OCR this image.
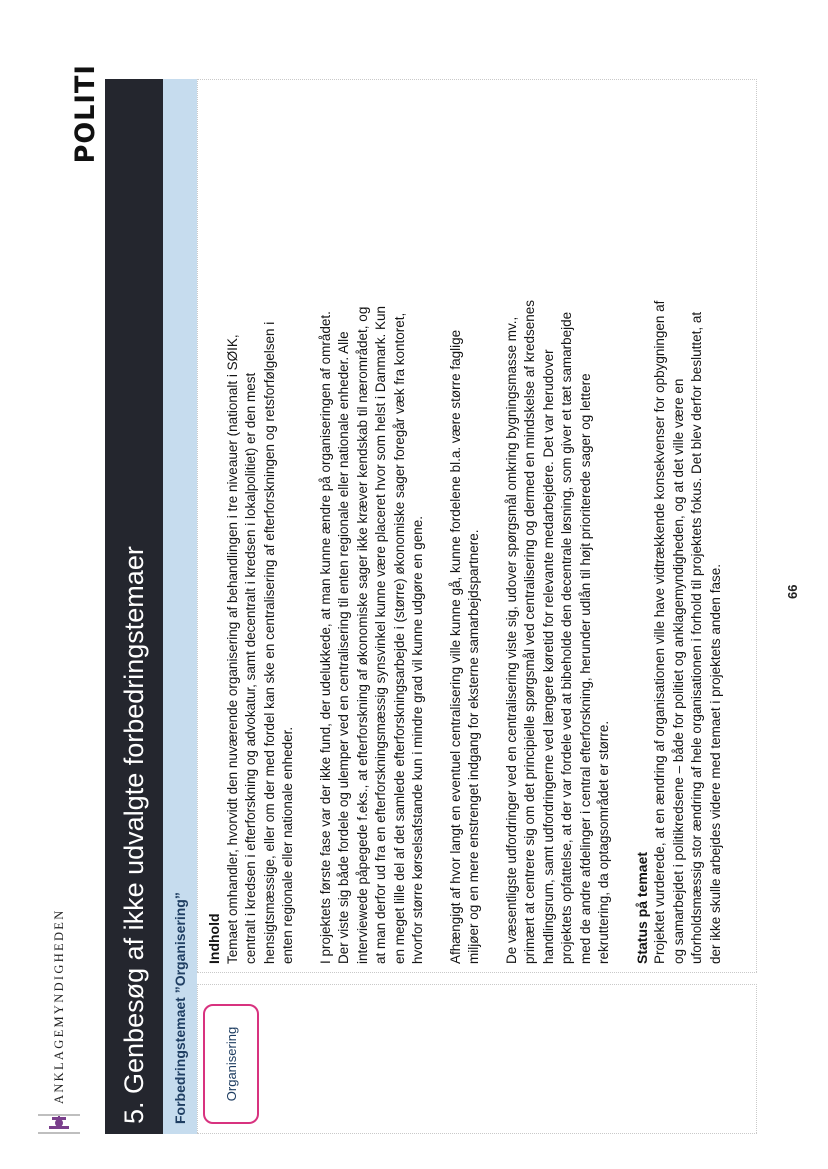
ANKLAGEMYNDIGHEDEN
POLITI
5. Genbesøg af ikke udvalgte forbedringstemaer	Forbedringstemaet ”Organisering”	Organisering
Indhold Temaet omhandler, hvorvidt den nuværende organisering af behandlingen i tre niveauer (nationalt i SØIK, centralt i kredsen i efterforskning og advokatur, samt decentralt i kredsen i lokalpolitiet) er den mest hensigtsmæssige, eller om der med fordel kan ske en centralisering af efterforskningen og retsforfølgelsen i enten regionale eller nationale enheder. I projektets første fase var der ikke fund, der udelukkede, at man kunne ændre på organiseringen af området. Der viste sig både fordele og ulemper ved en centralisering til enten regionale eller nationale enheder. Alle interviewede påpegede f.eks., at efterforskning af økonomiske sager ikke kræver kendskab til nærområdet, og at man derfor ud fra en efterforskningsmæssig synsvinkel kunne være placeret hvor som helst i Danmark. Kun en meget lille del af det samlede efterforskningsarbejde i (større) økonomiske sager foregår væk fra kontoret, hvorfor større kørselsafstande kun i mindre grad vil kunne udgøre en gene. Afhængigt af hvor langt en eventuel centralisering ville kunne gå, kunne fordelene bl.a. være større faglige miljøer og en mere enstrenget indgang for eksterne samarbejdspartnere. De væsentligste udfordringer ved en centralisering viste sig, udover spørgsmål omkring bygningsmasse mv., primært at centrere sig om det principielle spørgsmål ved centralisering og dermed en mindskelse af kredsenes handlingsrum, samt udfordringerne ved længere køretid for relevante medarbejdere. Det var herudover projektets opfattelse, at der var fordele ved at bibeholde den decentrale løsning, som giver et tæt samarbejde med de andre afdelinger i central efterforskning, herunder udlån til højt prioriterede sager og lettere rekruttering, da optagsområdet er større. Status på temaet Projektet vurderede, at en ændring af organisationen ville have vidtrækkende konsekvenser for opbygningen af og samarbejdet i politikredsene – både for politiet og anklagemyndigheden, og at det ville være en uforholdsmæssig stor ændring af hele organisationen i forhold til projektets fokus. Det blev derfor besluttet, at der ikke skulle arbejdes videre med temaet i projektets anden fase.	66
